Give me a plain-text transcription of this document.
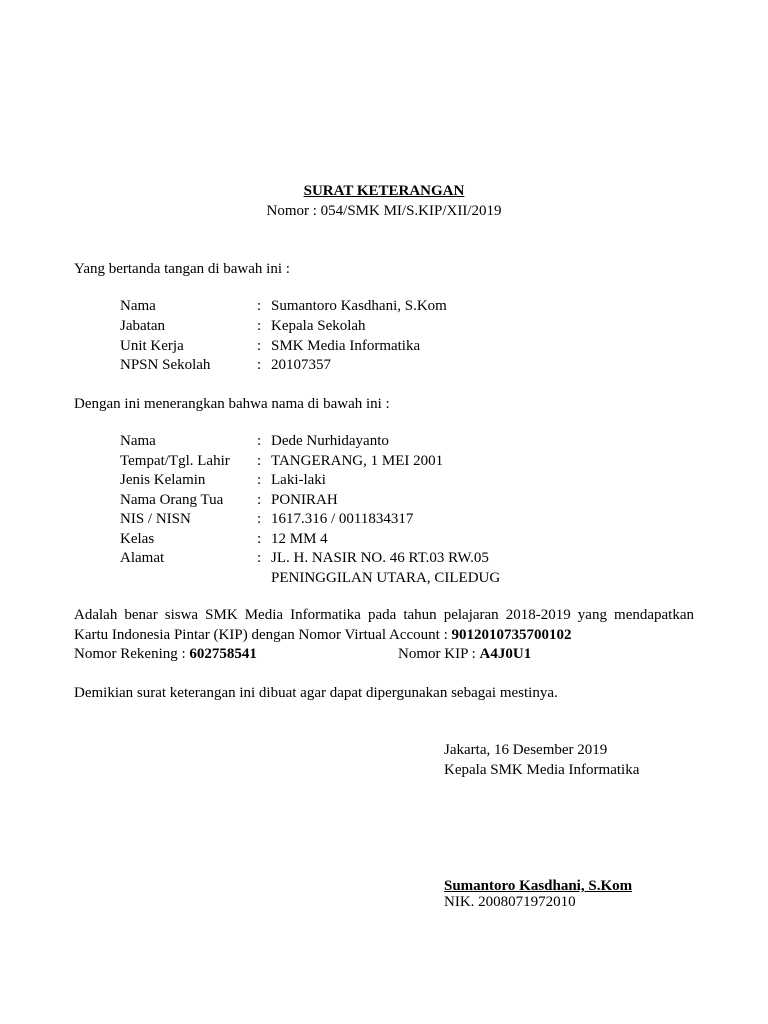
SURAT KETERANGAN
Nomor : 054/SMK MI/S.KIP/XII/2019
Yang bertanda tangan di bawah ini :
Nama	: Sumantoro Kasdhani, S.Kom
Jabatan	: Kepala Sekolah
Unit Kerja	: SMK Media Informatika
NPSN Sekolah	: 20107357
Dengan ini menerangkan bahwa nama di bawah ini :
Nama	: Dede Nurhidayanto
Tempat/Tgl. Lahir : TANGERANG, 1 MEI 2001
Jenis Kelamin	: Laki-laki
Nama Orang Tua : PONIRAH
NIS / NISN	: 1617.316 / 0011834317
Kelas	: 12 MM 4
Alamat	: JL. H. NASIR NO. 46 RT.03 RW.05
PENINGGILAN UTARA, CILEDUG
Adalah benar siswa SMK Media Informatika pada tahun pelajaran 2018-2019 yang mendapatkan
Kartu Indonesia Pintar (KIP) dengan Nomor Virtual Account : 9012010735700102
Nomor Rekening : 602758541	Nomor KIP : A4J0U1
Demikian surat keterangan ini dibuat agar dapat dipergunakan sebagai mestinya.
Jakarta, 16 Desember 2019
Kepala SMK Media Informatika
Sumantoro Kasdhani, S.Kom
NIK. 2008071972010
